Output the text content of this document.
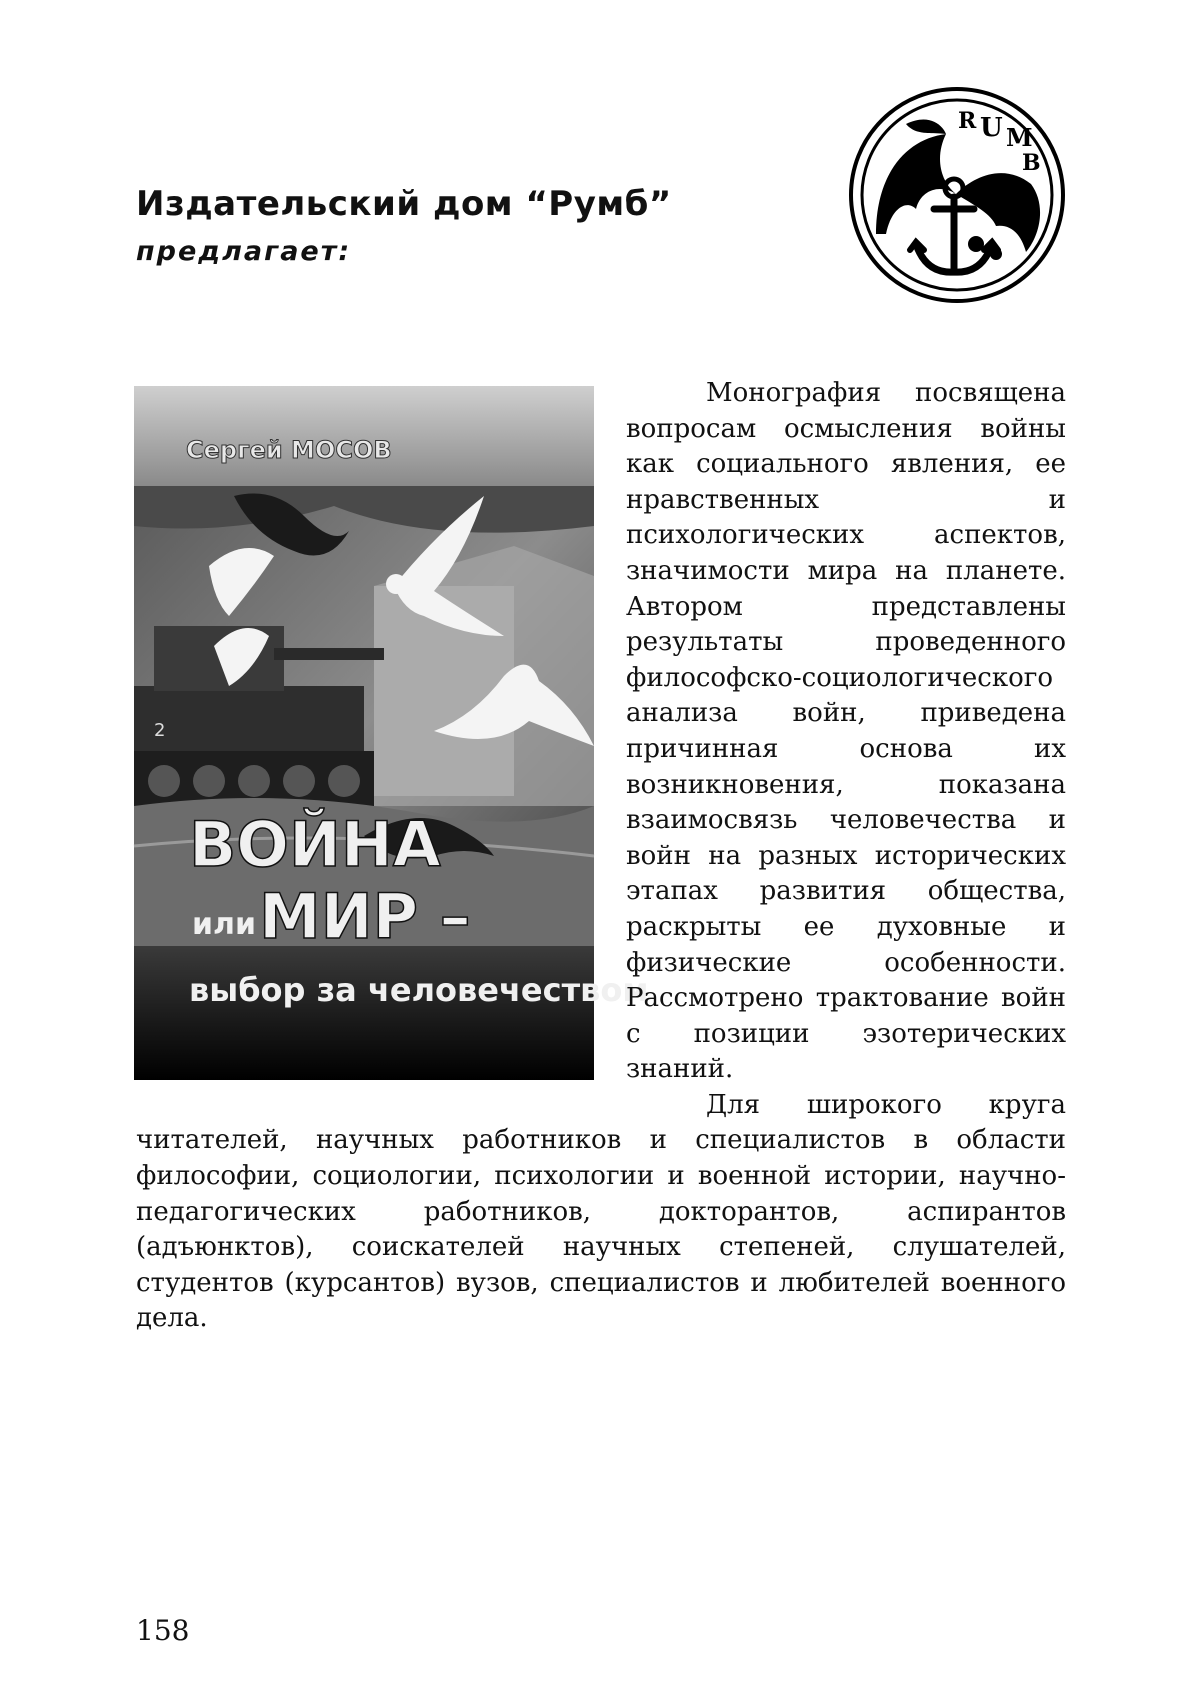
Издательский дом “Румб”
предлагает:
R U M
B
2
Сергей МОСОВ
ВОЙНА
или МИР –
выбор за человечеством

Монография посвящена вопросам осмысления войны как социального явления, ее нравственных и психологических аспектов, значимости мира на планете. Автором представлены результаты проведенного философско-социологического анализа войн, приведена причинная основа их возникновения, показана взаимосвязь человечества и войн на разных исторических этапах развития общества, раскрыты ее духовные и физические особенности. Рассмотрено трактование войн с позиции эзотерических знаний.

Для широкого круга читателей, научных работников и специалистов в области философии, социологии, психологии и военной истории, научно-педагогических работников, докторантов, аспирантов (адъюнктов), соискателей научных степеней, слушателей, студентов (курсантов) вузов, специалистов и любителей военного дела.

158
